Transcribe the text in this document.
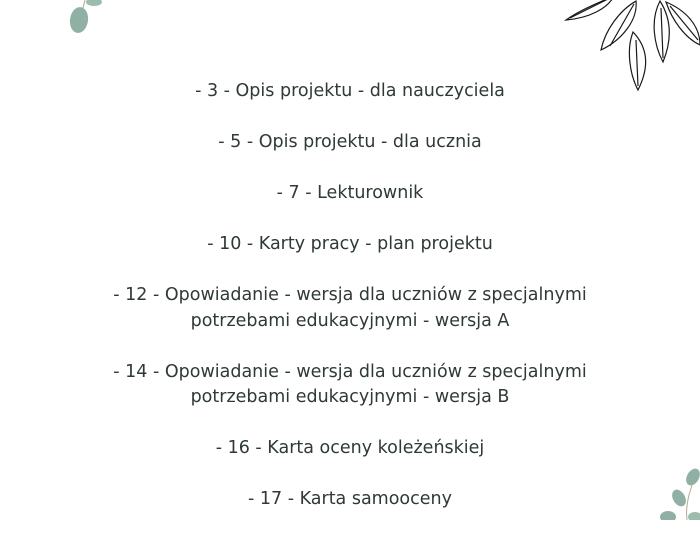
- 3 - Opis projektu - dla nauczyciela
- 5 - Opis projektu - dla ucznia
- 7 - Lekturownik
- 10 - Karty pracy - plan projektu
- 12 - Opowiadanie - wersja dla uczniów z specjalnymi
potrzebami edukacyjnymi - wersja A
- 14 - Opowiadanie - wersja dla uczniów z specjalnymi
potrzebami edukacyjnymi - wersja B
- 16 - Karta oceny koleżeńskiej
- 17 - Karta samooceny
